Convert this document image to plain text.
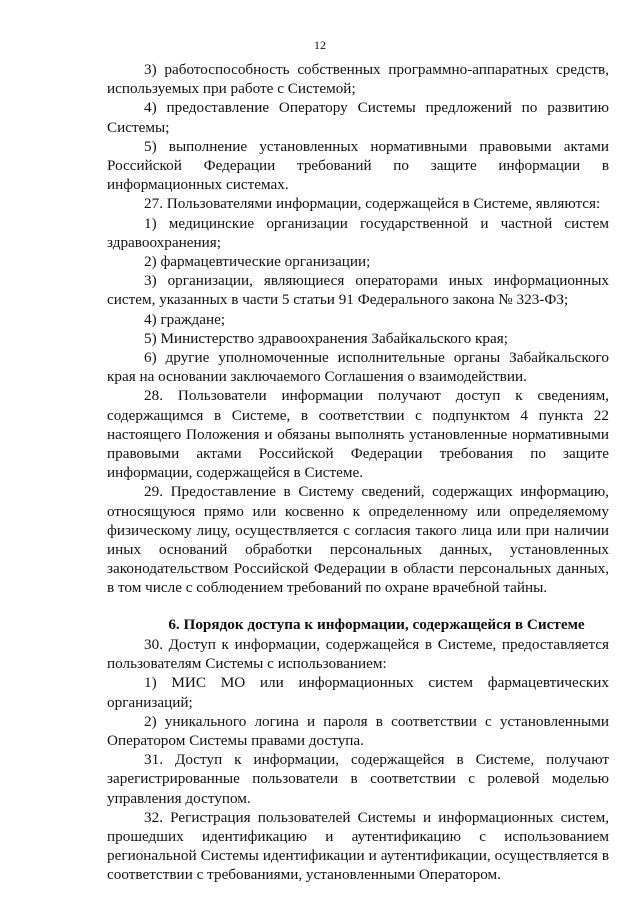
12

3) работоспособность собственных программно-аппаратных средств, используемых при работе с Системой;

4) предоставление Оператору Системы предложений по развитию Системы;

5) выполнение установленных нормативными правовыми актами Российской Федерации требований по защите информации в информационных системах.

27. Пользователями информации, содержащейся в Системе, являются:

1) медицинские организации государственной и частной систем здравоохранения;

2) фармацевтические организации;

3) организации, являющиеся операторами иных информационных систем, указанных в части 5 статьи 91 Федерального закона № 323-ФЗ;

4) граждане;

5) Министерство здравоохранения Забайкальского края;

6) другие уполномоченные исполнительные органы Забайкальского края на основании заключаемого Соглашения о взаимодействии.

28. Пользователи информации получают доступ к сведениям, содержащимся в Системе, в соответствии с подпунктом 4 пункта 22 настоящего Положения и обязаны выполнять установленные нормативными правовыми актами Российской Федерации требования по защите информации, содержащейся в Системе.

29. Предоставление в Систему сведений, содержащих информацию, относящуюся прямо или косвенно к определенному или определяемому физическому лицу, осуществляется с согласия такого лица или при наличии иных оснований обработки персональных данных, установленных законодательством Российской Федерации в области персональных данных, в том числе с соблюдением требований по охране врачебной тайны.

6. Порядок доступа к информации, содержащейся в Системе

30. Доступ к информации, содержащейся в Системе, предоставляется пользователям Системы с использованием:

1) МИС МО или информационных систем фармацевтических организаций;

2) уникального логина и пароля в соответствии с установленными Оператором Системы правами доступа.

31. Доступ к информации, содержащейся в Системе, получают зарегистрированные пользователи в соответствии с ролевой моделью управления доступом.

32. Регистрация пользователей Системы и информационных систем, прошедших идентификацию и аутентификацию с использованием региональной Системы идентификации и аутентификации, осуществляется в соответствии с требованиями, установленными Оператором.
